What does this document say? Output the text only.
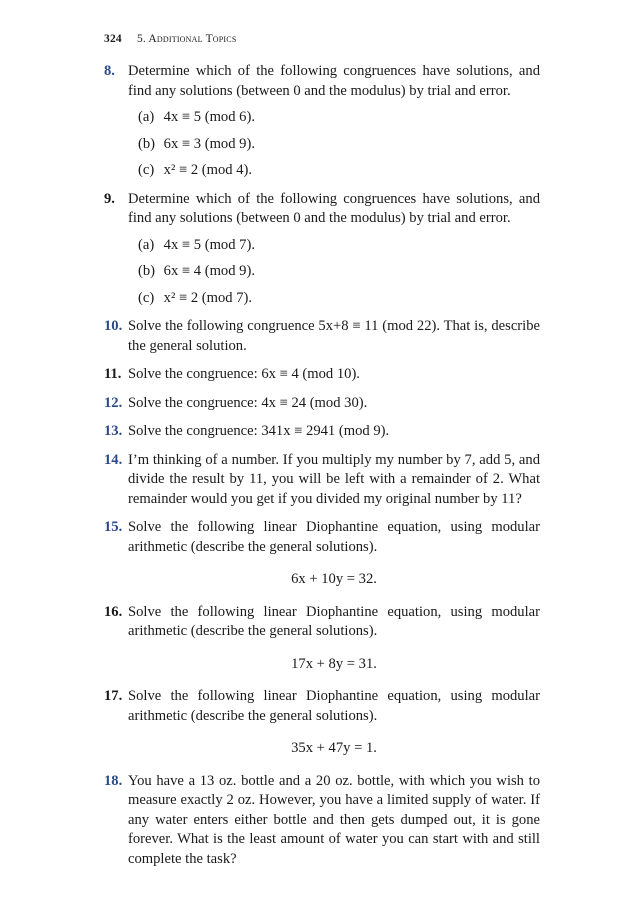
324 5. Additional Topics
8. Determine which of the following congruences have solutions, and find any solutions (between 0 and the modulus) by trial and error.
(a) 4x ≡ 5 (mod 6).
(b) 6x ≡ 3 (mod 9).
(c) x² ≡ 2 (mod 4).
9. Determine which of the following congruences have solutions, and find any solutions (between 0 and the modulus) by trial and error.
(a) 4x ≡ 5 (mod 7).
(b) 6x ≡ 4 (mod 9).
(c) x² ≡ 2 (mod 7).
10. Solve the following congruence 5x+8 ≡ 11 (mod 22). That is, describe the general solution.
11. Solve the congruence: 6x ≡ 4 (mod 10).
12. Solve the congruence: 4x ≡ 24 (mod 30).
13. Solve the congruence: 341x ≡ 2941 (mod 9).
14. I’m thinking of a number. If you multiply my number by 7, add 5, and divide the result by 11, you will be left with a remainder of 2. What remainder would you get if you divided my original number by 11?
15. Solve the following linear Diophantine equation, using modular arithmetic (describe the general solutions).
6x + 10y = 32.
16. Solve the following linear Diophantine equation, using modular arithmetic (describe the general solutions).
17x + 8y = 31.
17. Solve the following linear Diophantine equation, using modular arithmetic (describe the general solutions).
35x + 47y = 1.
18. You have a 13 oz. bottle and a 20 oz. bottle, with which you wish to measure exactly 2 oz. However, you have a limited supply of water. If any water enters either bottle and then gets dumped out, it is gone forever. What is the least amount of water you can start with and still complete the task?
